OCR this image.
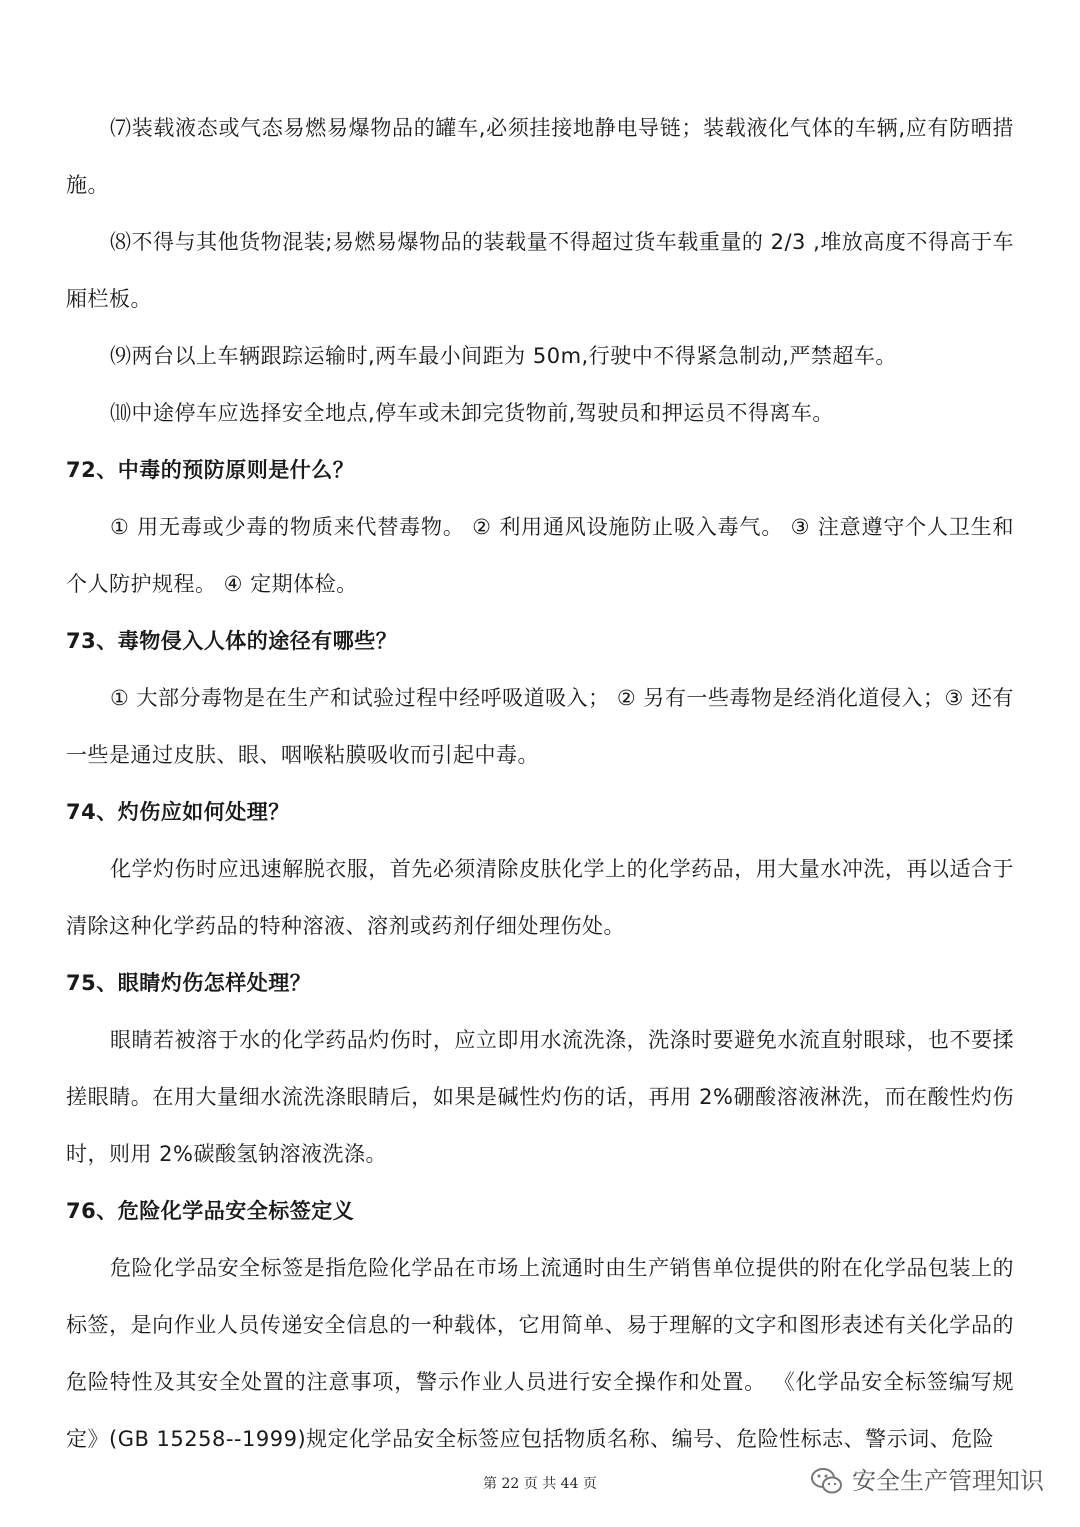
⑺装载液态或气态易燃易爆物品的罐车,必须挂接地静电导链；装载液化气体的车辆,应有防晒措施。

⑻不得与其他货物混装;易燃易爆物品的装载量不得超过货车载重量的 2/3 ,堆放高度不得高于车厢栏板。

⑼两台以上车辆跟踪运输时,两车最小间距为 50m,行驶中不得紧急制动,严禁超车。

⑽中途停车应选择安全地点,停车或未卸完货物前,驾驶员和押运员不得离车。

72、中毒的预防原则是什么？

① 用无毒或少毒的物质来代替毒物。 ② 利用通风设施防止吸入毒气。 ③ 注意遵守个人卫生和个人防护规程。 ④ 定期体检。

73、毒物侵入人体的途径有哪些？

① 大部分毒物是在生产和试验过程中经呼吸道吸入； ② 另有一些毒物是经消化道侵入；③ 还有一些是通过皮肤、眼、咽喉粘膜吸收而引起中毒。

74、灼伤应如何处理？

化学灼伤时应迅速解脱衣服，首先必须清除皮肤化学上的化学药品，用大量水冲洗，再以适合于清除这种化学药品的特种溶液、溶剂或药剂仔细处理伤处。

75、眼睛灼伤怎样处理？

眼睛若被溶于水的化学药品灼伤时，应立即用水流洗涤，洗涤时要避免水流直射眼球，也不要揉搓眼睛。在用大量细水流洗涤眼睛后，如果是碱性灼伤的话，再用 2%硼酸溶液淋洗，而在酸性灼伤时，则用 2%碳酸氢钠溶液洗涤。

76、危险化学品安全标签定义

危险化学品安全标签是指危险化学品在市场上流通时由生产销售单位提供的附在化学品包装上的标签，是向作业人员传递安全信息的一种载体，它用简单、易于理解的文字和图形表述有关化学品的危险特性及其安全处置的注意事项，警示作业人员进行安全操作和处置。 《化学品安全标签编写规定》(GB 15258--1999)规定化学品安全标签应包括物质名称、编号、危险性标志、警示词、危险

第 22 页 共 44 页	安全生产管理知识
